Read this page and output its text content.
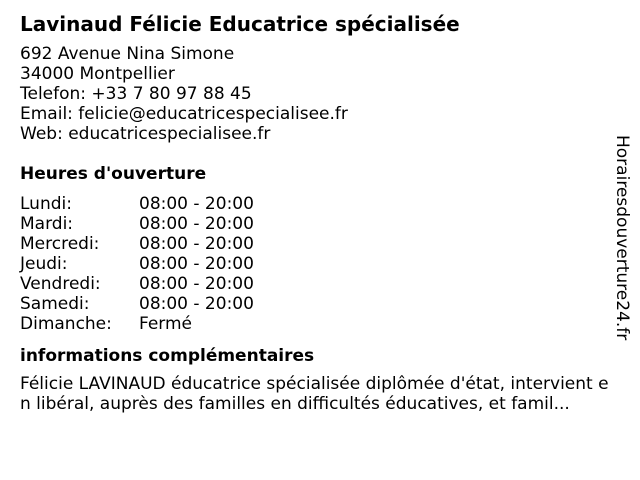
Lavinaud Félicie Educatrice spécialisée
692 Avenue Nina Simone
34000 Montpellier
Telefon: +33 7 80 97 88 45
Email: felicie@educatricespecialisee.fr
Web: educatricespecialisee.fr
Heures d'ouverture
Lundi:	08:00 - 20:00
Mardi:	08:00 - 20:00
Mercredi:	08:00 - 20:00
Jeudi:	08:00 - 20:00
Vendredi:	08:00 - 20:00
Samedi:	08:00 - 20:00
Dimanche:	Fermé
informations complémentaires
Félicie LAVINAUD éducatrice spécialisée diplômée d'état, intervient en libéral, auprès des familles en difficultés éducatives, et famil...
Horairesdouverture24.fr
